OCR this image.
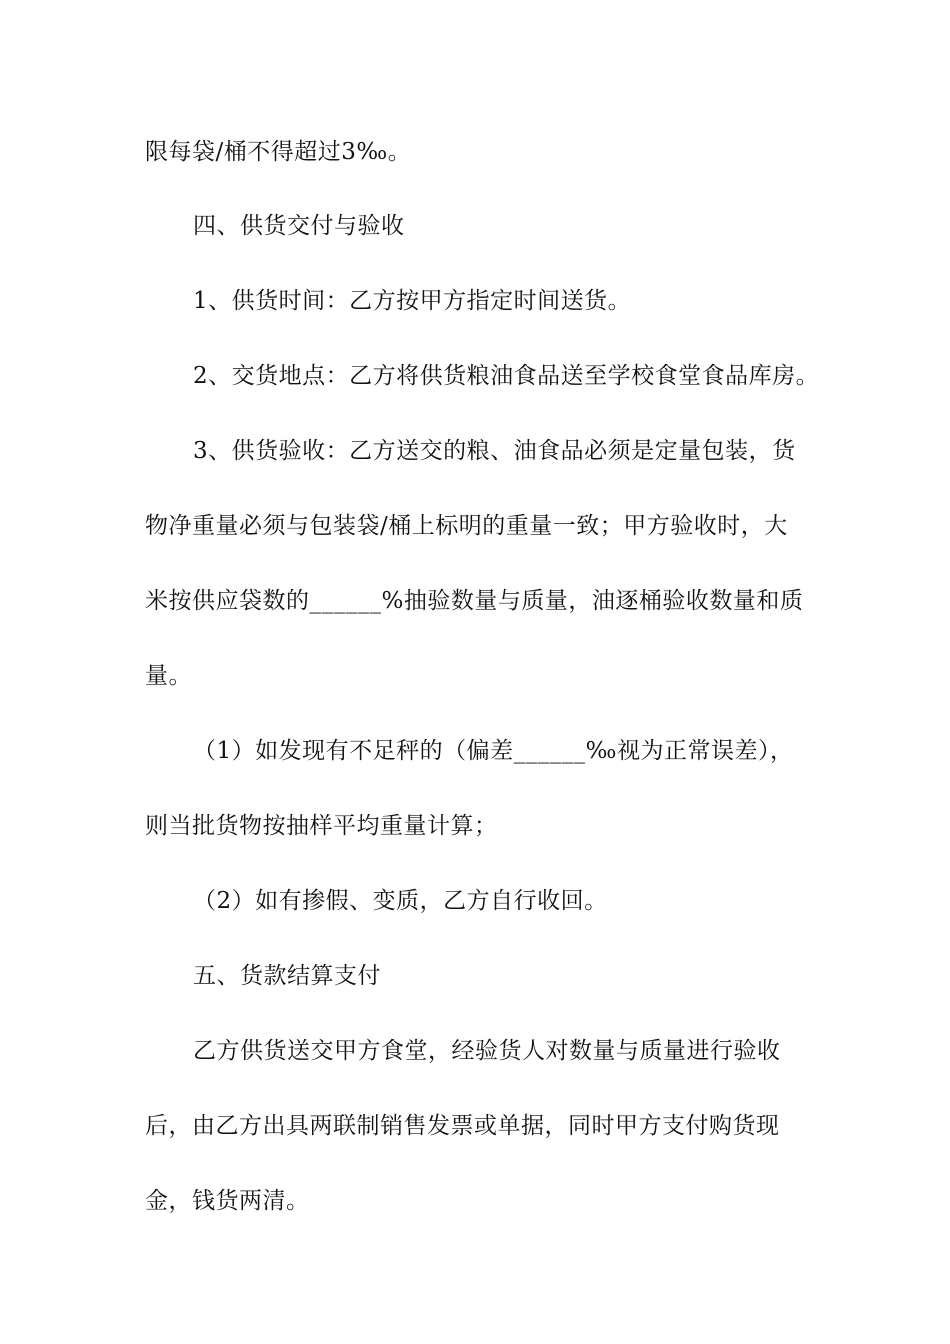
限每袋/桶不得超过3‰。
四、供货交付与验收
1、供货时间：乙方按甲方指定时间送货。
2、交货地点：乙方将供货粮油食品送至学校食堂食品库房。
3、供货验收：乙方送交的粮、油食品必须是定量包装，货
物净重量必须与包装袋/桶上标明的重量一致；甲方验收时，大
米按供应袋数的______%抽验数量与质量，油逐桶验收数量和质
量。
（1）如发现有不足秤的（偏差______‰视为正常误差），
则当批货物按抽样平均重量计算；
（2）如有掺假、变质，乙方自行收回。
五、货款结算支付
乙方供货送交甲方食堂，经验货人对数量与质量进行验收
后，由乙方出具两联制销售发票或单据，同时甲方支付购货现
金，钱货两清。
